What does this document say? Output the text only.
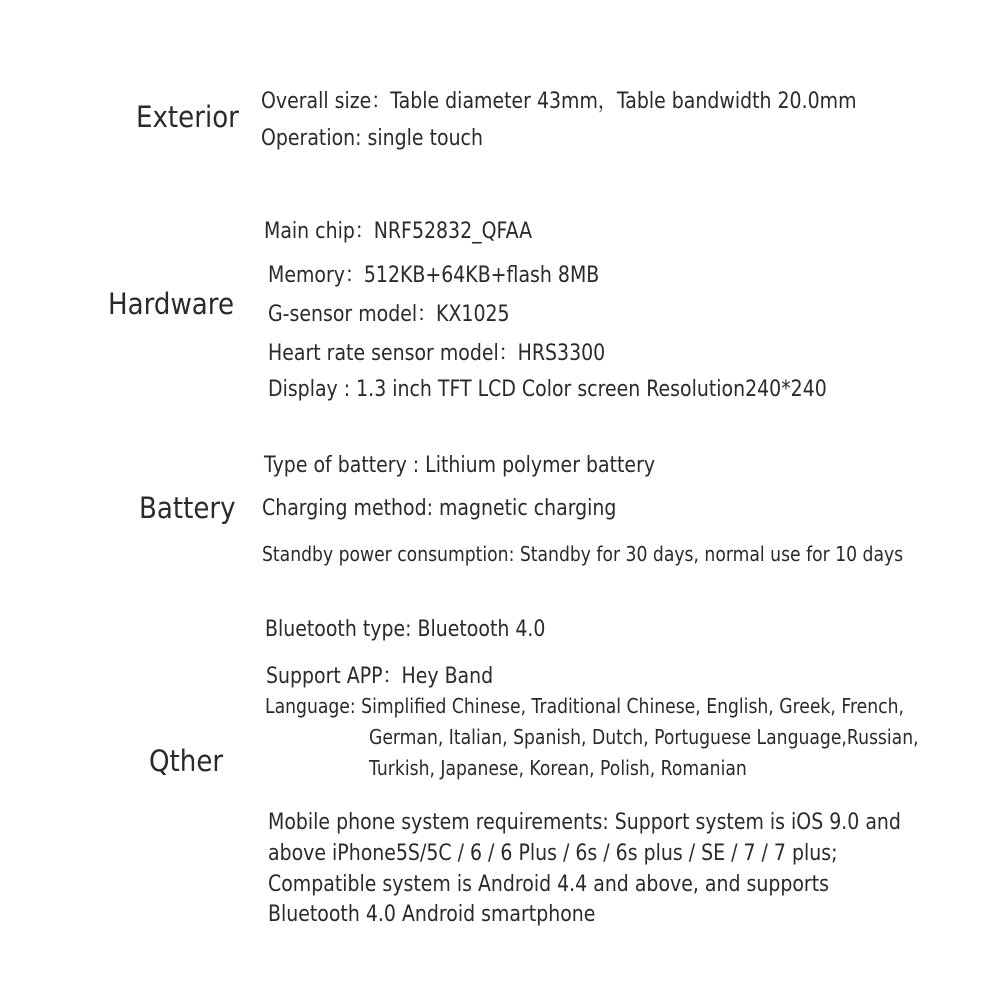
Exterior Overall size：Table diameter 43mm，Table bandwidth 20.0mm
Operation: single touch
Hardware
Main chip：NRF52832_QFAA
Memory：512KB+64KB+flash 8MB
G-sensor model：KX1025
Heart rate sensor model：HRS3300
Display : 1.3 inch TFT LCD Color screen Resolution240*240
Battery
Type of battery : Lithium polymer battery
Charging method: magnetic charging
Standby power consumption: Standby for 30 days, normal use for 10 days
Qther
Bluetooth type: Bluetooth 4.0
Support APP：Hey Band
Language: Simplified Chinese, Traditional Chinese, English, Greek, French,
German, Italian, Spanish, Dutch, Portuguese Language,Russian,
Turkish, Japanese, Korean, Polish, Romanian
Mobile phone system requirements: Support system is iOS 9.0 and
above iPhone5S/5C / 6 / 6 Plus / 6s / 6s plus / SE / 7 / 7 plus;
Compatible system is Android 4.4 and above, and supports
Bluetooth 4.0 Android smartphone
